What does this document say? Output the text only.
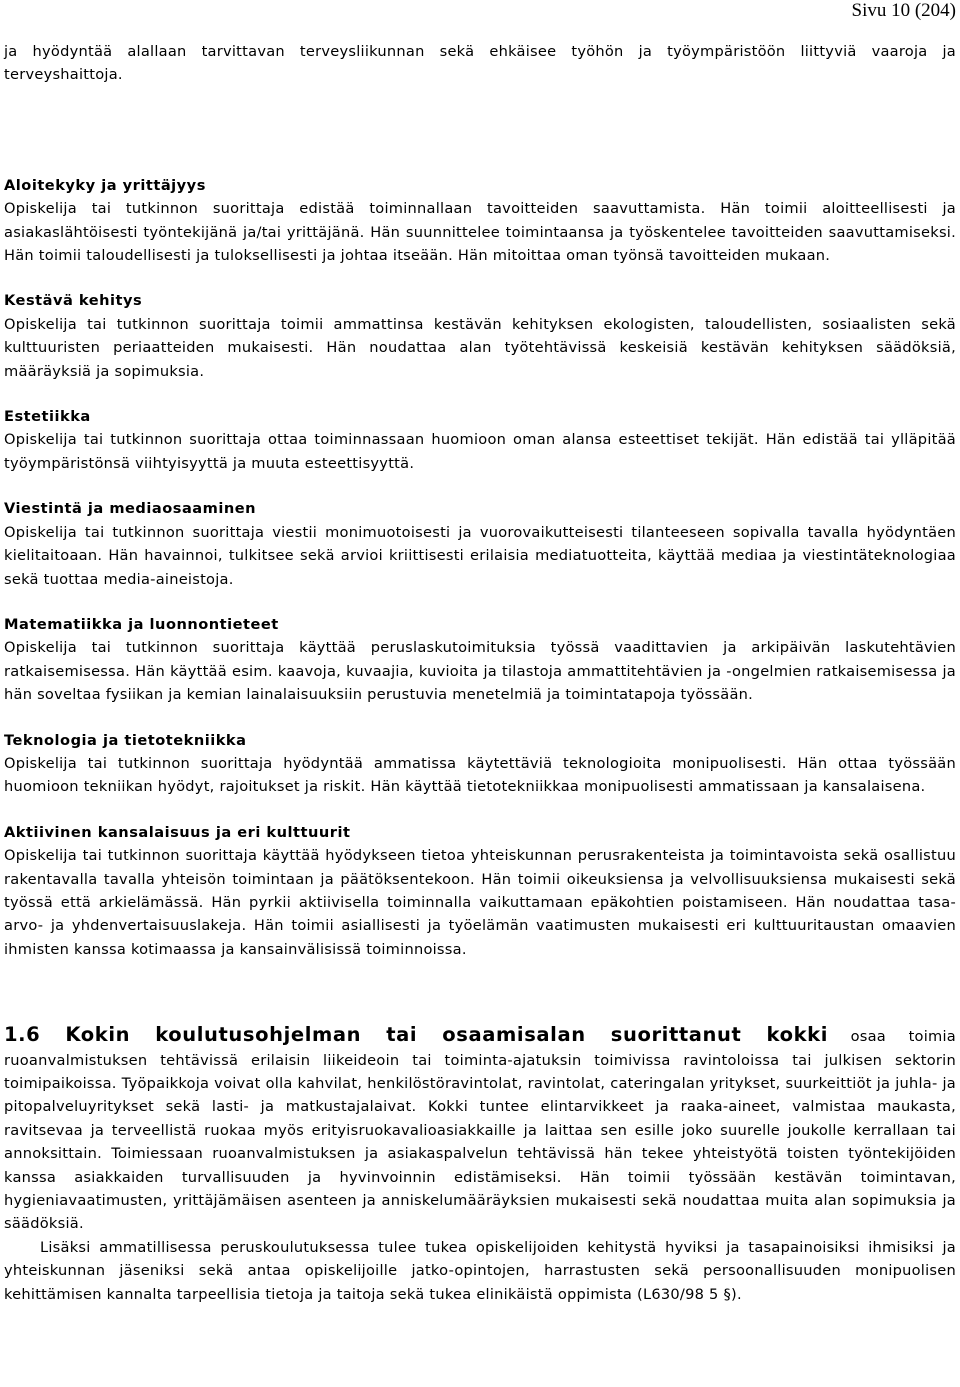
Sivu 10 (204)

ja hyödyntää alallaan tarvittavan terveysliikunnan sekä ehkäisee työhön ja työympäristöön liittyviä vaaroja ja terveyshaittoja.

Aloitekyky ja yrittäjyys

Opiskelija tai tutkinnon suorittaja edistää toiminnallaan tavoitteiden saavuttamista. Hän toimii aloitteellisesti ja asiakaslähtöisesti työntekijänä ja/tai yrittäjänä. Hän suunnittelee toimintaansa ja työskentelee tavoitteiden saavuttamiseksi. Hän toimii taloudellisesti ja tuloksellisesti ja johtaa itseään. Hän mitoittaa oman työnsä tavoitteiden mukaan.

Kestävä kehitys

Opiskelija tai tutkinnon suorittaja toimii ammattinsa kestävän kehityksen ekologisten, taloudellisten, sosiaalisten sekä kulttuuristen periaatteiden mukaisesti. Hän noudattaa alan työtehtävissä keskeisiä kestävän kehityksen säädöksiä, määräyksiä ja sopimuksia.

Estetiikka

Opiskelija tai tutkinnon suorittaja ottaa toiminnassaan huomioon oman alansa esteettiset tekijät. Hän edistää tai ylläpitää työympäristönsä viihtyisyyttä ja muuta esteettisyyttä.

Viestintä ja mediaosaaminen

Opiskelija tai tutkinnon suorittaja viestii monimuotoisesti ja vuorovaikutteisesti tilanteeseen sopivalla tavalla hyödyntäen kielitaitoaan. Hän havainnoi, tulkitsee sekä arvioi kriittisesti erilaisia mediatuotteita, käyttää mediaa ja viestintäteknologiaa sekä tuottaa media-aineistoja.

Matematiikka ja luonnontieteet

Opiskelija tai tutkinnon suorittaja käyttää peruslaskutoimituksia työssä vaadittavien ja arkipäivän laskutehtävien ratkaisemisessa. Hän käyttää esim. kaavoja, kuvaajia, kuvioita ja tilastoja ammattitehtävien ja -ongelmien ratkaisemisessa ja hän soveltaa fysiikan ja kemian lainalaisuuksiin perustuvia menetelmiä ja toimintatapoja työssään.

Teknologia ja tietotekniikka

Opiskelija tai tutkinnon suorittaja hyödyntää ammatissa käytettäviä teknologioita monipuolisesti. Hän ottaa työssään huomioon tekniikan hyödyt, rajoitukset ja riskit. Hän käyttää tietotekniikkaa monipuolisesti ammatissaan ja kansalaisena.

Aktiivinen kansalaisuus ja eri kulttuurit

Opiskelija tai tutkinnon suorittaja käyttää hyödykseen tietoa yhteiskunnan perusrakenteista ja toimintavoista sekä osallistuu rakentavalla tavalla yhteisön toimintaan ja päätöksentekoon. Hän toimii oikeuksiensa ja velvollisuuksiensa mukaisesti sekä työssä että arkielämässä. Hän pyrkii aktiivisella toiminnalla vaikuttamaan epäkohtien poistamiseen. Hän noudattaa tasa-arvo- ja yhdenvertaisuuslakeja. Hän toimii asiallisesti ja työelämän vaatimusten mukaisesti eri kulttuuritaustan omaavien ihmisten kanssa kotimaassa ja kansainvälisissä toiminnoissa.

1.6 Kokin koulutusohjelman tai osaamisalan suorittanut kokki osaa toimia ruoanvalmistuksen tehtävissä erilaisin liikeideoin tai toiminta-ajatuksin toimivissa ravintoloissa tai julkisen sektorin toimipaikoissa. Työpaikkoja voivat olla kahvilat, henkilöstöravintolat, ravintolat, cateringalan yritykset, suurkeittiöt ja juhla- ja pitopalveluyritykset sekä lasti- ja matkustajalaivat. Kokki tuntee elintarvikkeet ja raaka-aineet, valmistaa maukasta, ravitsevaa ja terveellistä ruokaa myös erityisruokavalioasiakkaille ja laittaa sen esille joko suurelle joukolle kerrallaan tai annoksittain. Toimiessaan ruoanvalmistuksen ja asiakaspalvelun tehtävissä hän tekee yhteistyötä toisten työntekijöiden kanssa asiakkaiden turvallisuuden ja hyvinvoinnin edistämiseksi. Hän toimii työssään kestävän toimintavan, hygieniavaatimusten, yrittäjämäisen asenteen ja anniskelumääräyksien mukaisesti sekä noudattaa muita alan sopimuksia ja säädöksiä.

Lisäksi ammatillisessa peruskoulutuksessa tulee tukea opiskelijoiden kehitystä hyviksi ja tasapainoisiksi ihmisiksi ja yhteiskunnan jäseniksi sekä antaa opiskelijoille jatko-opintojen, harrastusten sekä persoonallisuuden monipuolisen kehittämisen kannalta tarpeellisia tietoja ja taitoja sekä tukea elinikäistä oppimista (L630/98 5 §).
